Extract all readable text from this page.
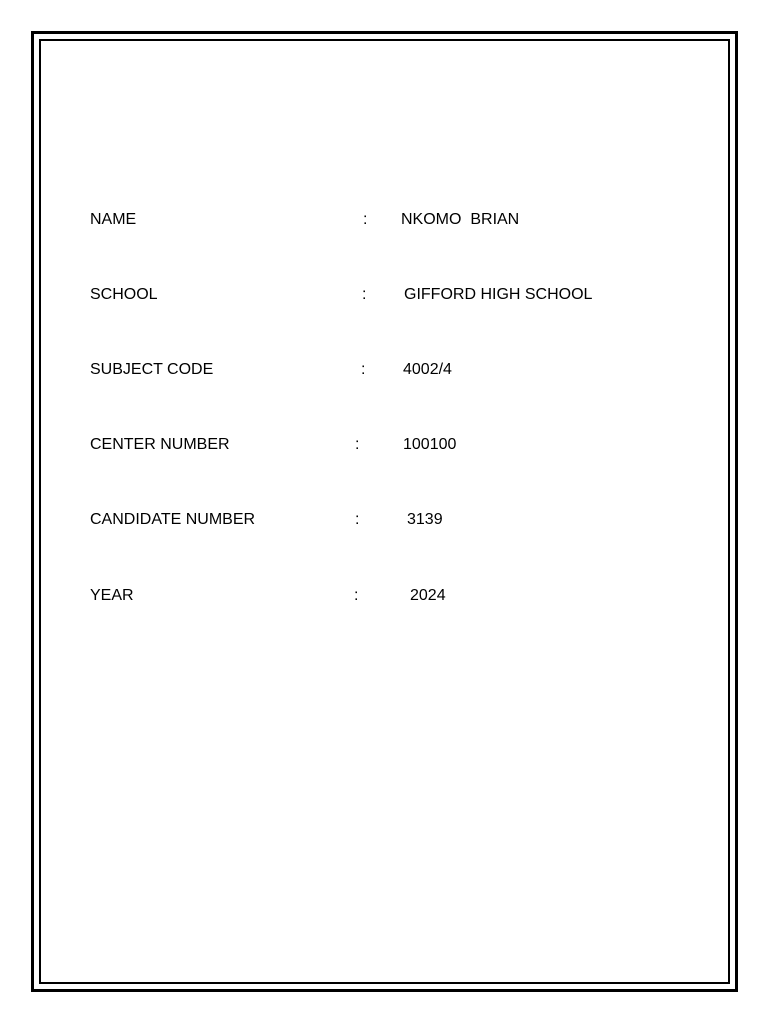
NAME	: NKOMO  BRIAN
SCHOOL	: GIFFORD HIGH SCHOOL
SUBJECT CODE	: 4002/4
CENTER NUMBER	:	100100
CANDIDATE NUMBER	:	3139
YEAR	:	2024
